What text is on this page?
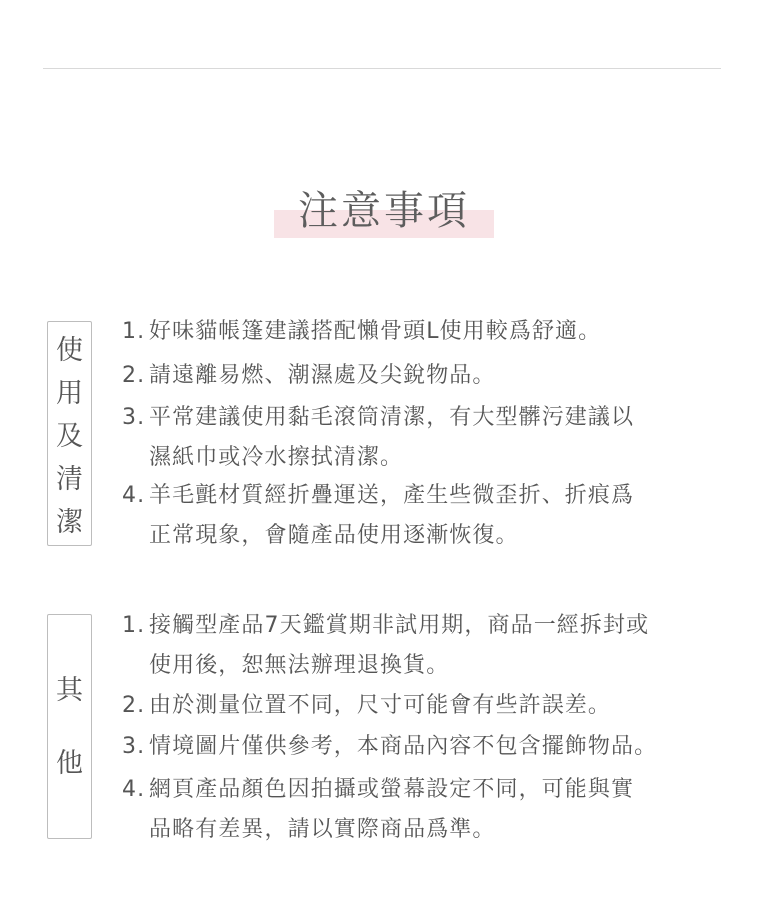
注意事項
使
用
及
清
潔
1. 好味貓帳篷建議搭配懶骨頭L使用較爲舒適。
2. 請遠離易燃、潮濕處及尖銳物品。
3. 平常建議使用黏毛滾筒清潔，有大型髒污建議以
濕紙巾或冷水擦拭清潔。
4. 羊毛氈材質經折疊運送，產生些微歪折、折痕爲
正常現象，會隨產品使用逐漸恢復。
其
他
1. 接觸型產品7天鑑賞期非試用期，商品一經拆封或
使用後，恕無法辦理退換貨。
2. 由於測量位置不同，尺寸可能會有些許誤差。
3. 情境圖片僅供參考，本商品內容不包含擺飾物品。
4. 網頁產品顏色因拍攝或螢幕設定不同，可能與實
品略有差異，請以實際商品爲準。
